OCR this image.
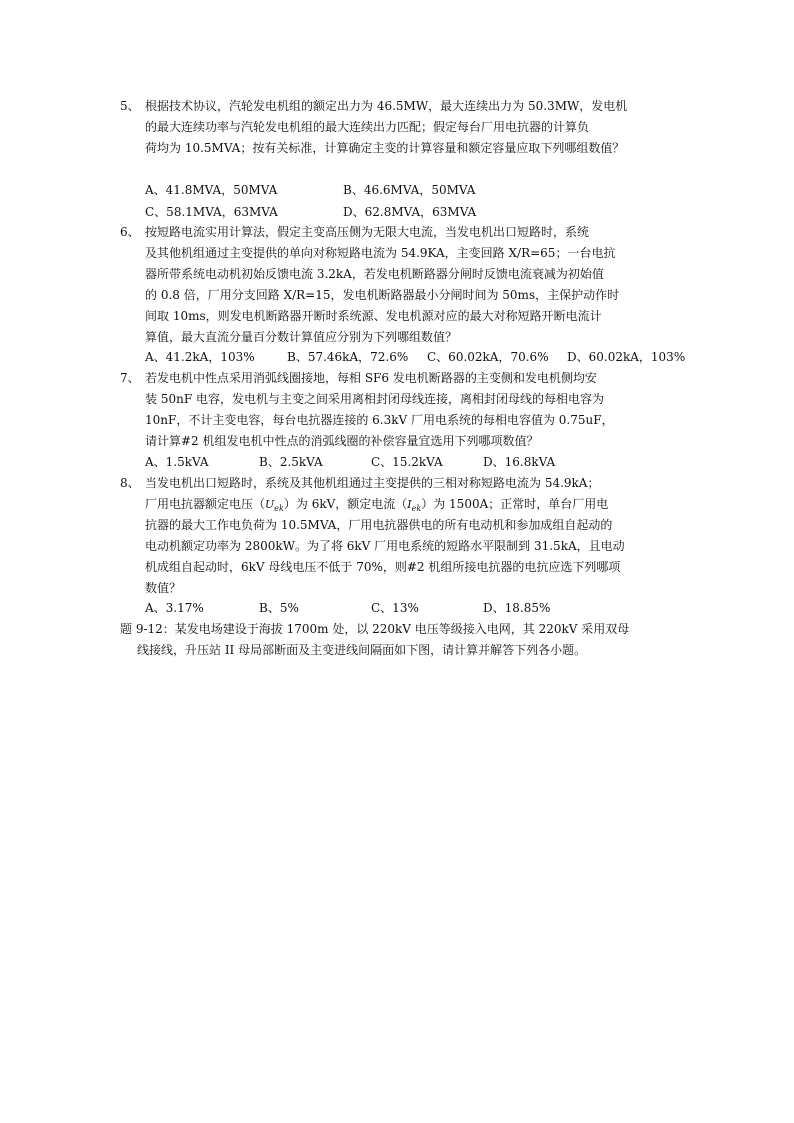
5、 根据技术协议，汽轮发电机组的额定出力为 46.5MW，最大连续出力为 50.3MW，发电机
的最大连续功率与汽轮发电机组的最大连续出力匹配；假定每台厂用电抗器的计算负
荷均为 10.5MVA；按有关标准，计算确定主变的计算容量和额定容量应取下列哪组数值？
A、41.8MVA，50MVA	B、46.6MVA，50MVA
C、58.1MVA，63MVA	D、62.8MVA，63MVA
6、 按短路电流实用计算法，假定主变高压侧为无限大电流，当发电机出口短路时，系统
及其他机组通过主变提供的单向对称短路电流为 54.9KA，主变回路 X/R=65；一台电抗
器所带系统电动机初始反馈电流 3.2kA，若发电机断路器分闸时反馈电流衰减为初始值
的 0.8 倍，厂用分支回路 X/R=15，发电机断路器最小分闸时间为 50ms，主保护动作时
间取 10ms，则发电机断路器开断时系统源、发电机源对应的最大对称短路开断电流计
算值，最大直流分量百分数计算值应分别为下列哪组数值？
A、41.2kA，103%	B、57.46kA，72.6% C、60.02kA，70.6% D、60.02kA，103%
7、 若发电机中性点采用消弧线圈接地，每相 SF6 发电机断路器的主变侧和发电机侧均安
装 50nF 电容，发电机与主变之间采用离相封闭母线连接，离相封闭母线的每相电容为
10nF，不计主变电容，每台电抗器连接的 6.3kV 厂用电系统的每相电容值为 0.75uF，
请计算#2 机组发电机中性点的消弧线圈的补偿容量宜选用下列哪项数值？
A、1.5kVA	B、2.5kVA	C、15.2kVA	D、16.8kVA
8、 当发电机出口短路时，系统及其他机组通过主变提供的三相对称短路电流为 54.9kA；
厂用电抗器额定电压$(U_{ek})$为 6kV，额定电流$(I_{ek})$为 1500A；正常时，单台厂用电
抗器的最大工作电负荷为 10.5MVA，厂用电抗器供电的所有电动机和参加成组自起动的
电动机额定功率为 2800kW。为了将 6kV 厂用电系统的短路水平限制到 31.5kA，且电动
机成组自起动时，6kV 母线电压不低于 70%，则#2 机组所接电抗器的电抗应选下列哪项
数值？
A、3.17%	B、5%	C、13%	D、18.85%
题 9-12：某发电场建设于海拔 1700m 处，以 220kV 电压等级接入电网，其 220kV 采用双母
线接线，升压站 II 母局部断面及主变进线间隔面如下图，请计算并解答下列各小题。
